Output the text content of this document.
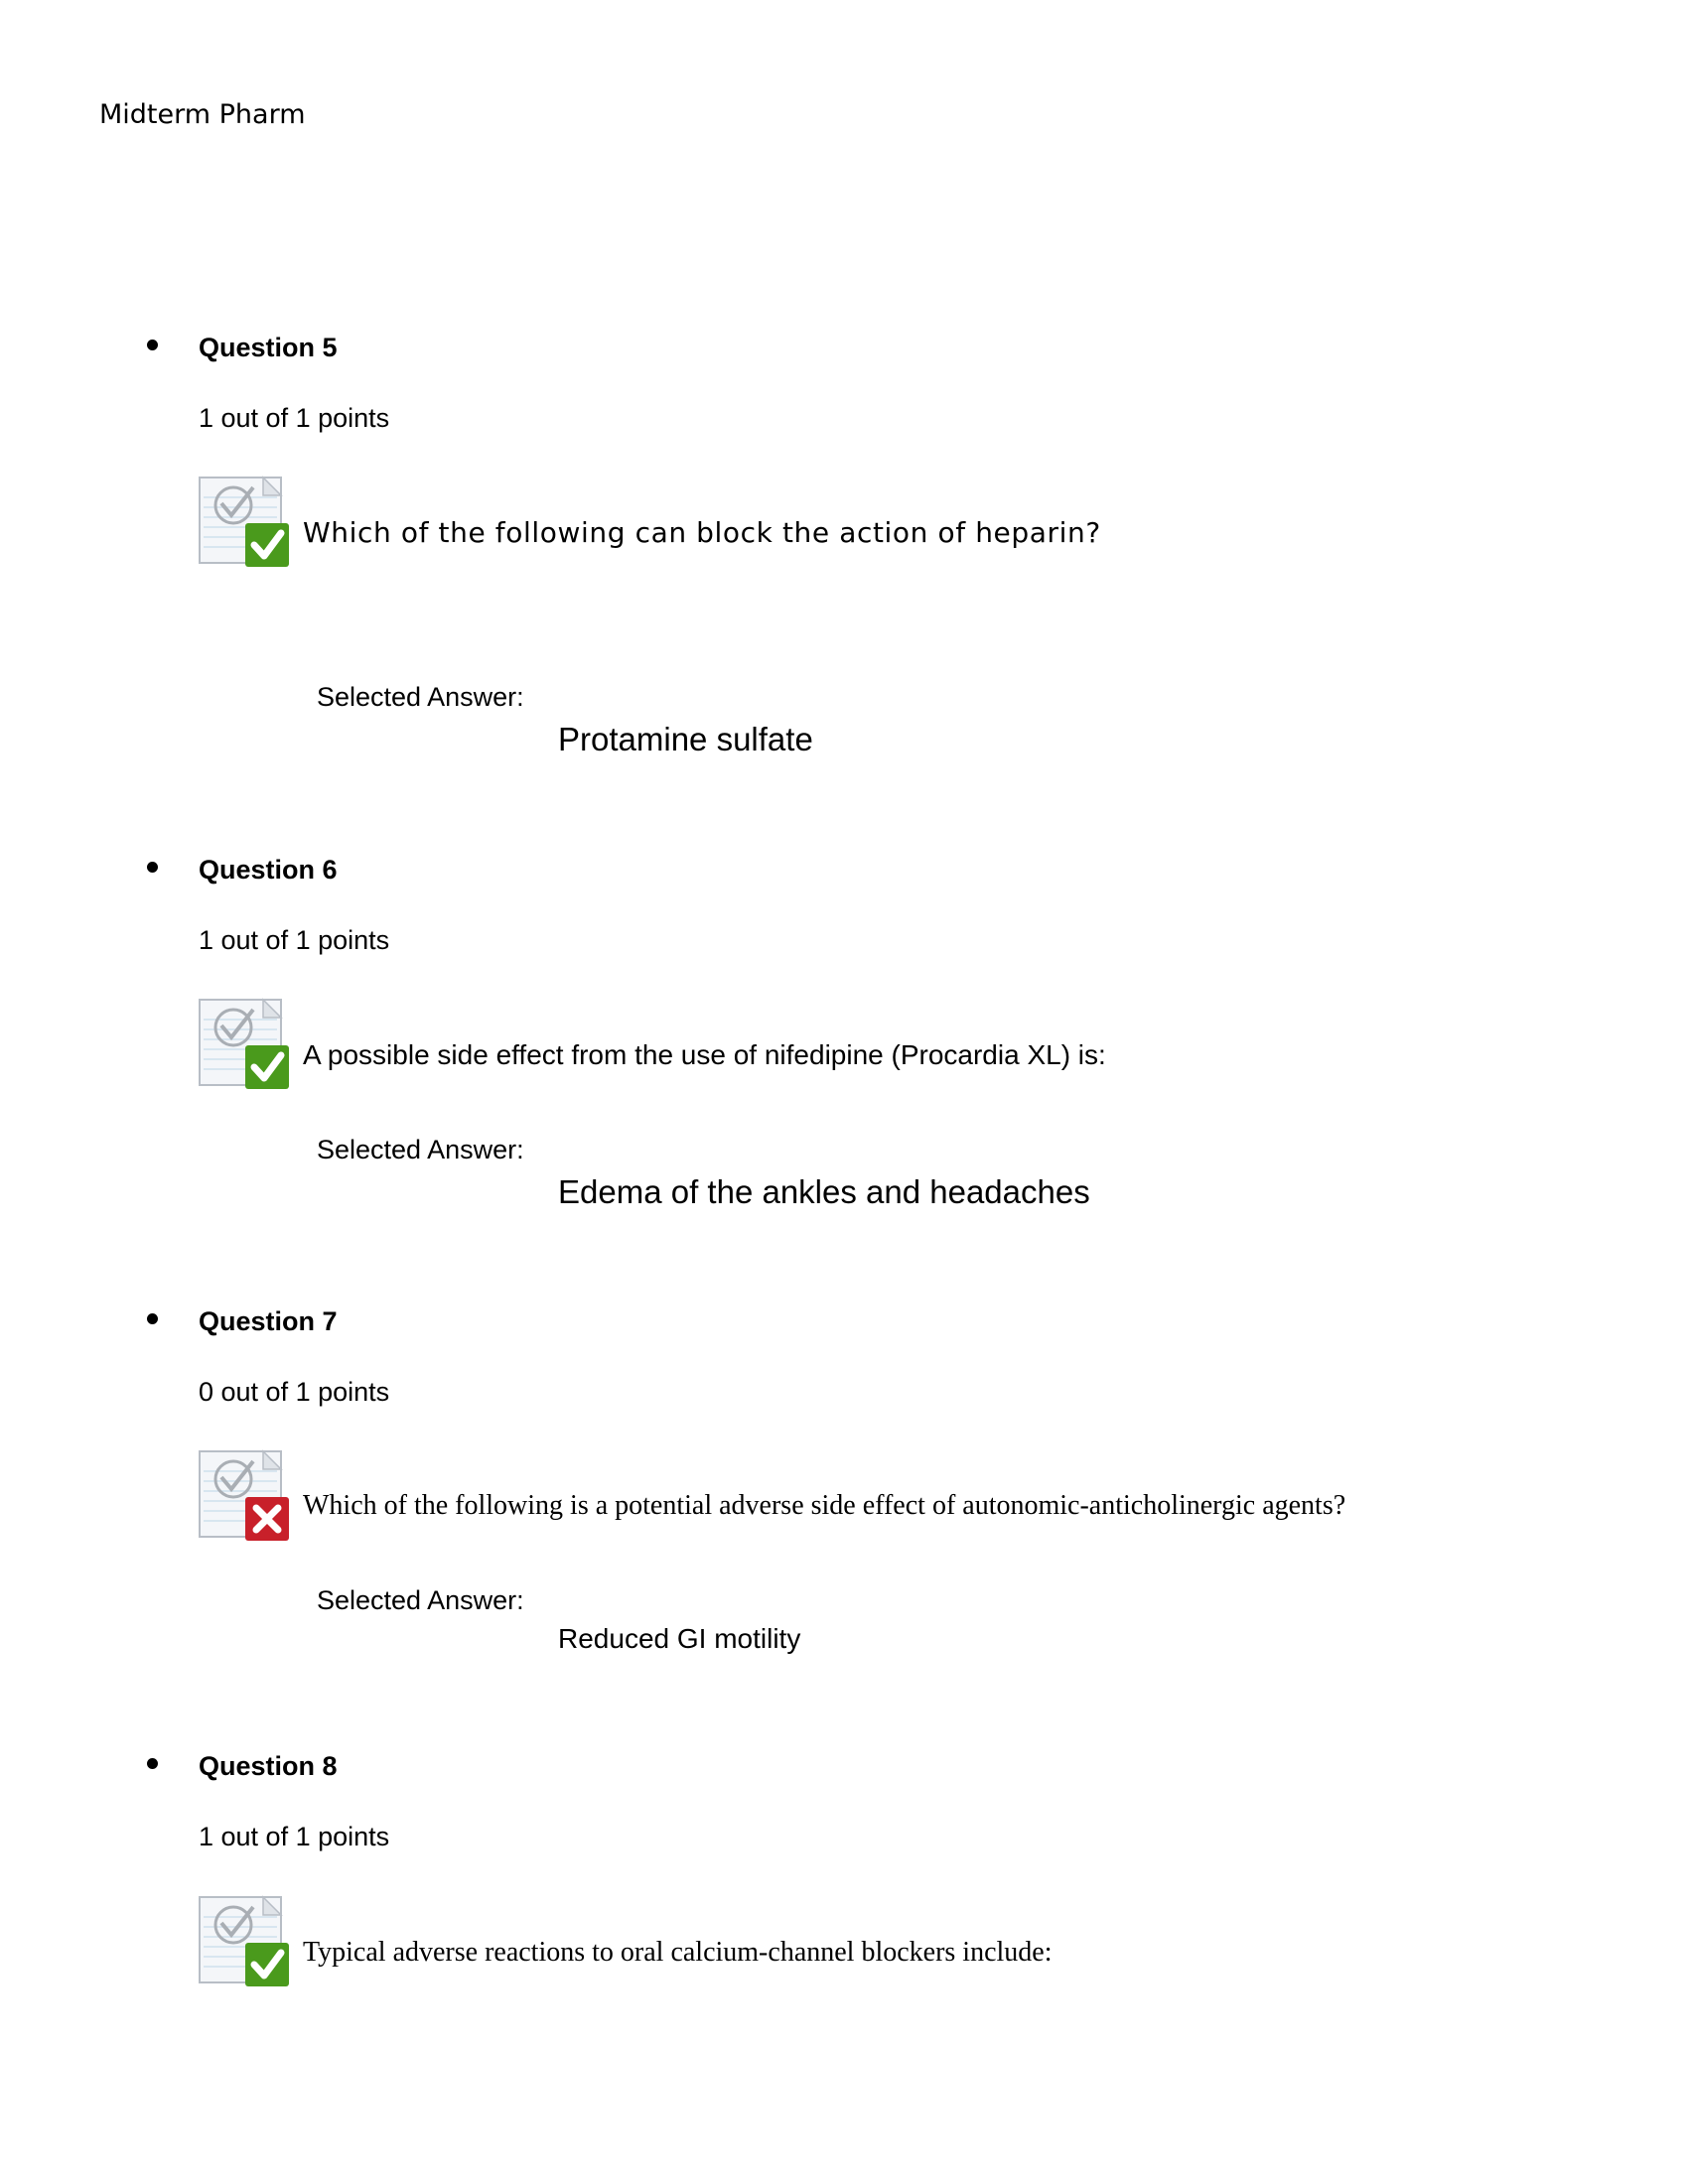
Midterm Pharm
Question 5
1 out of 1 points
Which of the following can block the action of heparin?
Selected Answer:
Protamine sulfate
Question 6
1 out of 1 points
A possible side effect from the use of nifedipine (Procardia XL) is:
Selected Answer:
Edema of the ankles and headaches
Question 7
0 out of 1 points
Which of the following is a potential adverse side effect of autonomic-anticholinergic agents?
Selected Answer:
Reduced GI motility
Question 8
1 out of 1 points
Typical adverse reactions to oral calcium-channel blockers include:
